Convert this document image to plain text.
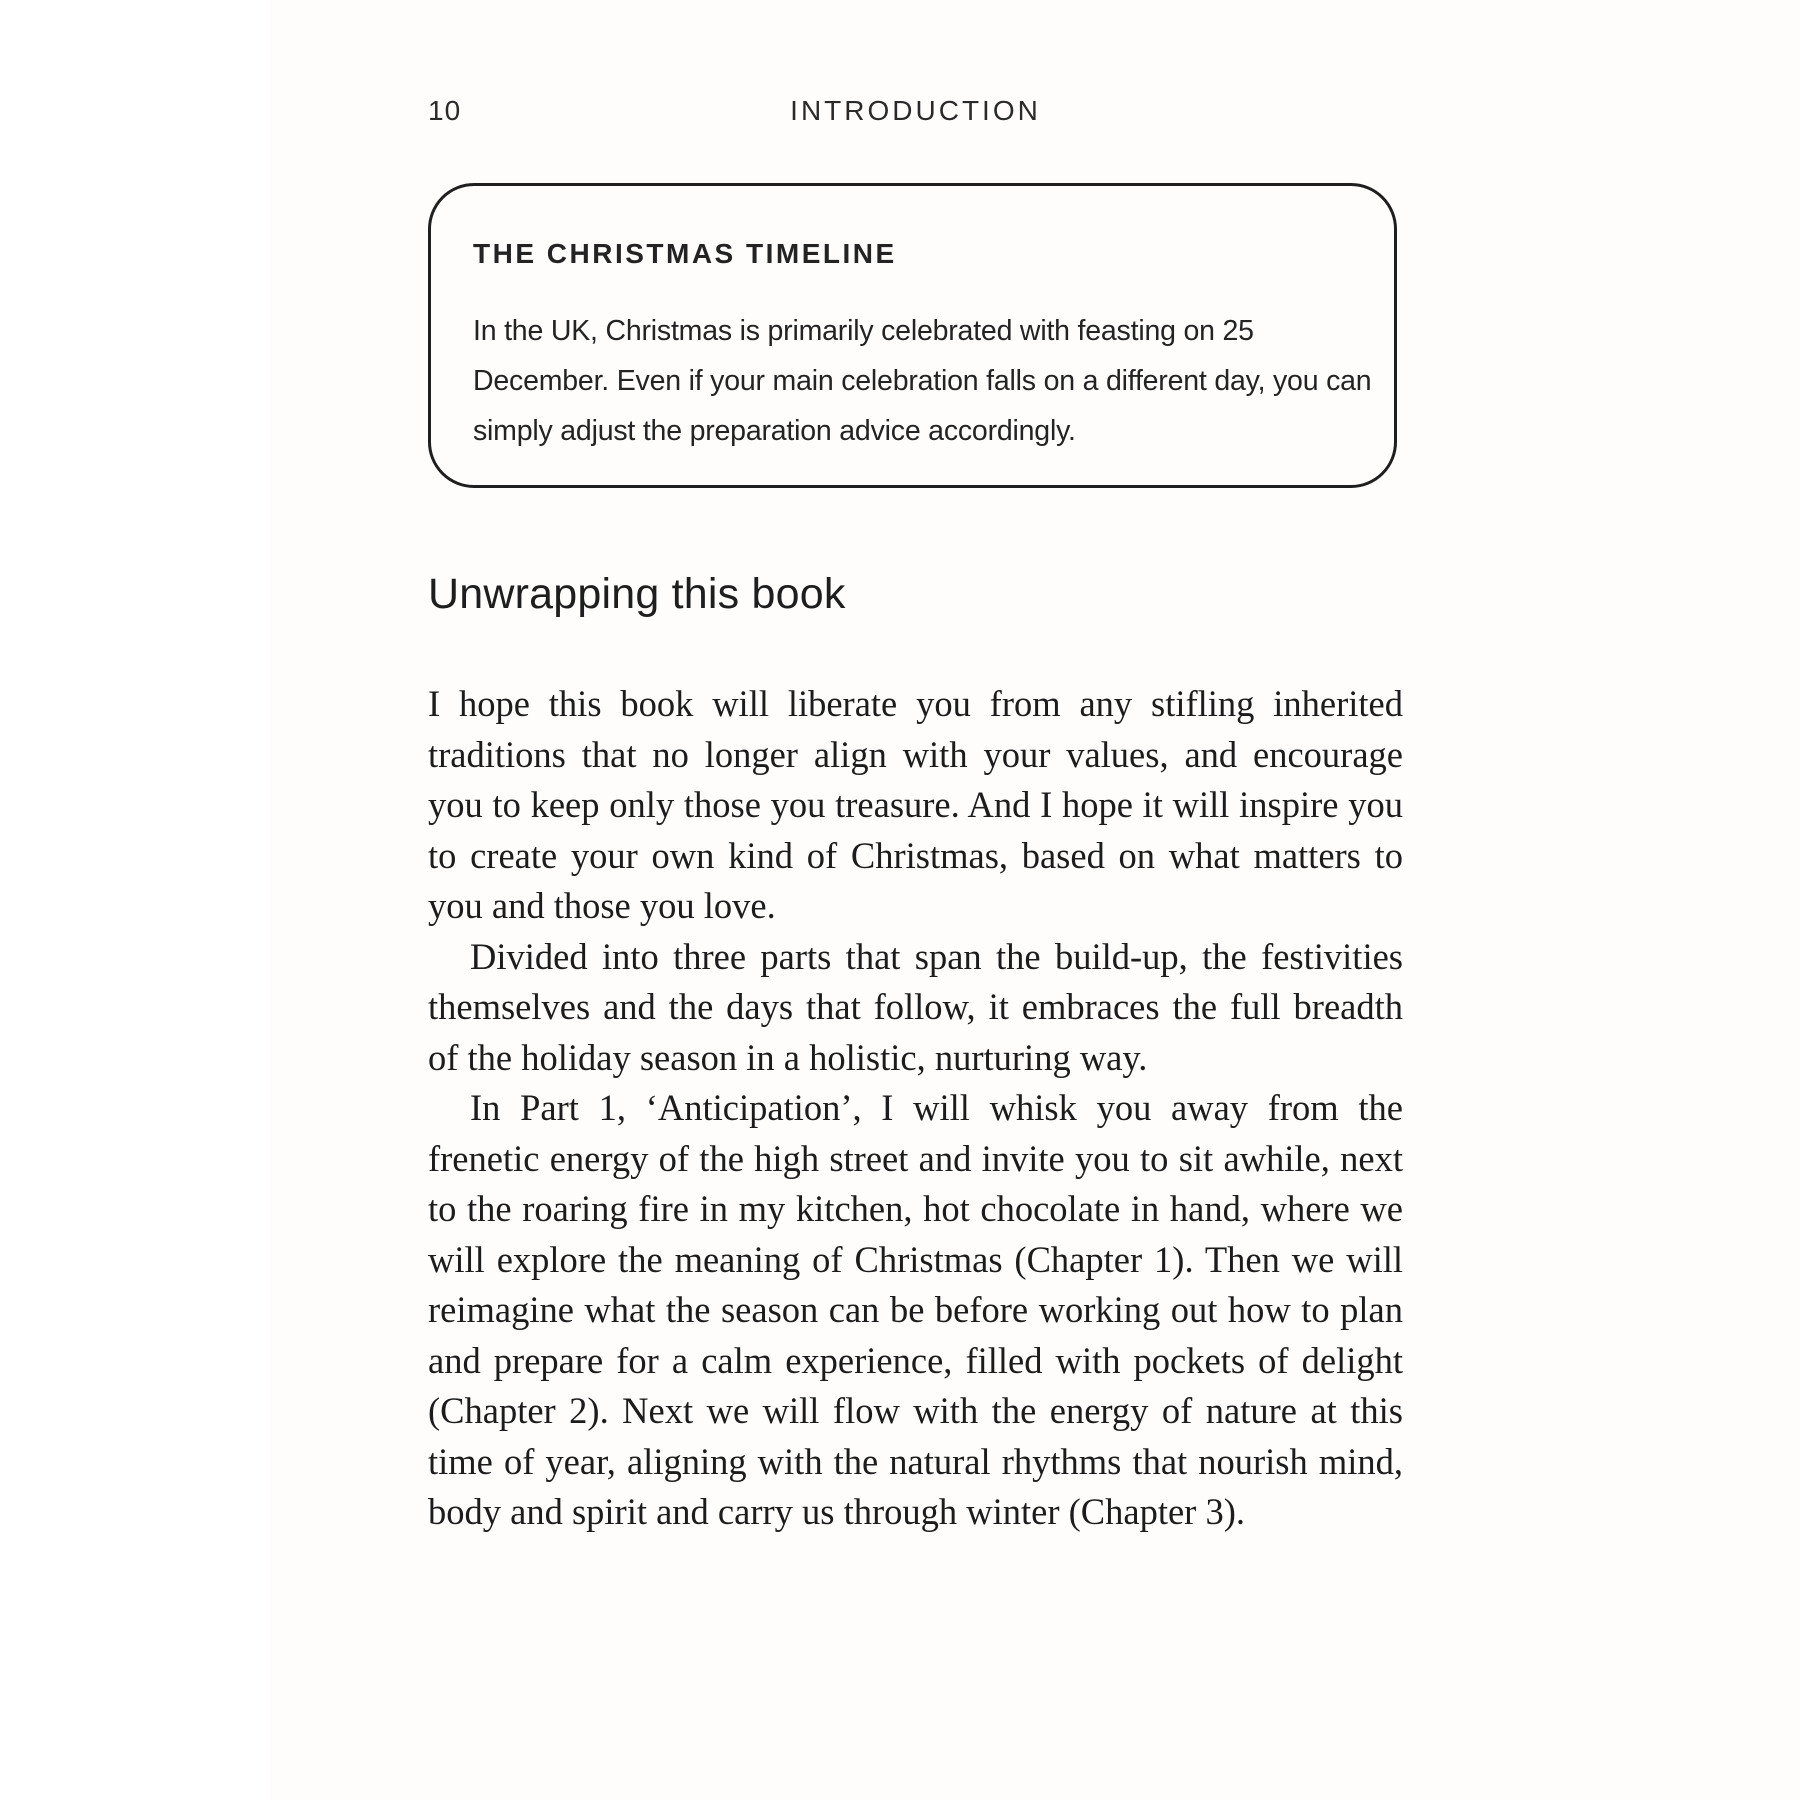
10	INTRODUCTION
THE CHRISTMAS TIMELINE

In the UK, Christmas is primarily celebrated with feasting on 25 December. Even if your main celebration falls on a different day, you can simply adjust the preparation advice accordingly.

Unwrapping this book

I hope this book will liberate you from any stifling inherited traditions that no longer align with your values, and encourage you to keep only those you treasure. And I hope it will inspire you to create your own kind of Christmas, based on what matters to you and those you love.

Divided into three parts that span the build-up, the festivities themselves and the days that follow, it embraces the full breadth of the holiday season in a holistic, nurturing way.

In Part 1, ‘Anticipation’, I will whisk you away from the frenetic energy of the high street and invite you to sit awhile, next to the roaring fire in my kitchen, hot chocolate in hand, where we will explore the meaning of Christmas (Chapter 1). Then we will reimagine what the season can be before working out how to plan and prepare for a calm experience, filled with pockets of delight (Chapter 2). Next we will flow with the energy of nature at this time of year, aligning with the natural rhythms that nourish mind, body and spirit and carry us through winter (Chapter 3).
